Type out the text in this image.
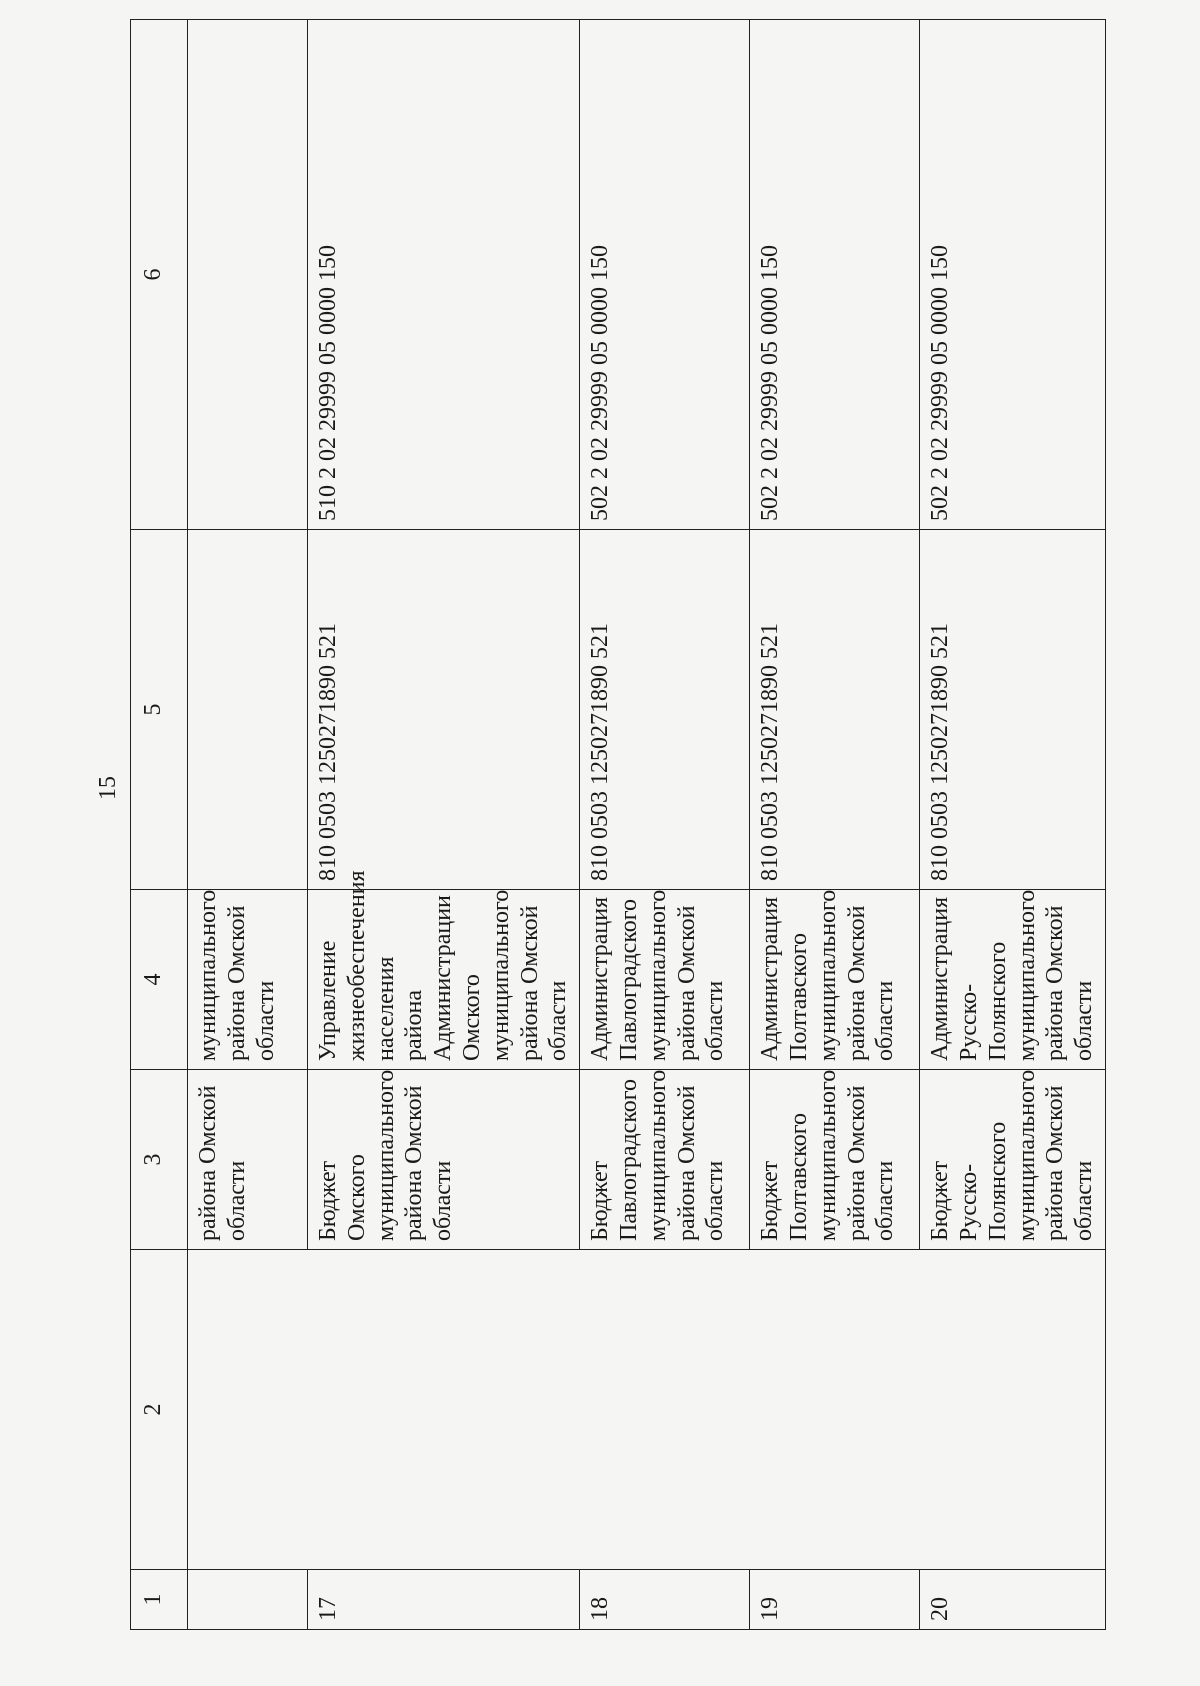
15
1	2	3	4	5	6
		района Омской области	муниципального района Омской области		
17		Бюджет Омского муниципального района Омской области	Управление жизнеобеспечения населения района Администрации Омского муниципального района Омской области	810 0503 1250271890 521	510 2 02 29999 05 0000 150
18		Бюджет Павлоградского муниципального района Омской области	Администрация Павлоградского муниципального района Омской области	810 0503 1250271890 521	502 2 02 29999 05 0000 150
19		Бюджет Полтавского муниципального района Омской области	Администрация Полтавского муниципального района Омской области	810 0503 1250271890 521	502 2 02 29999 05 0000 150
20		Бюджет Русско-Полянского муниципального района Омской области	Администрация Русско-Полянского муниципального района Омской области	810 0503 1250271890 521	502 2 02 29999 05 0000 150
